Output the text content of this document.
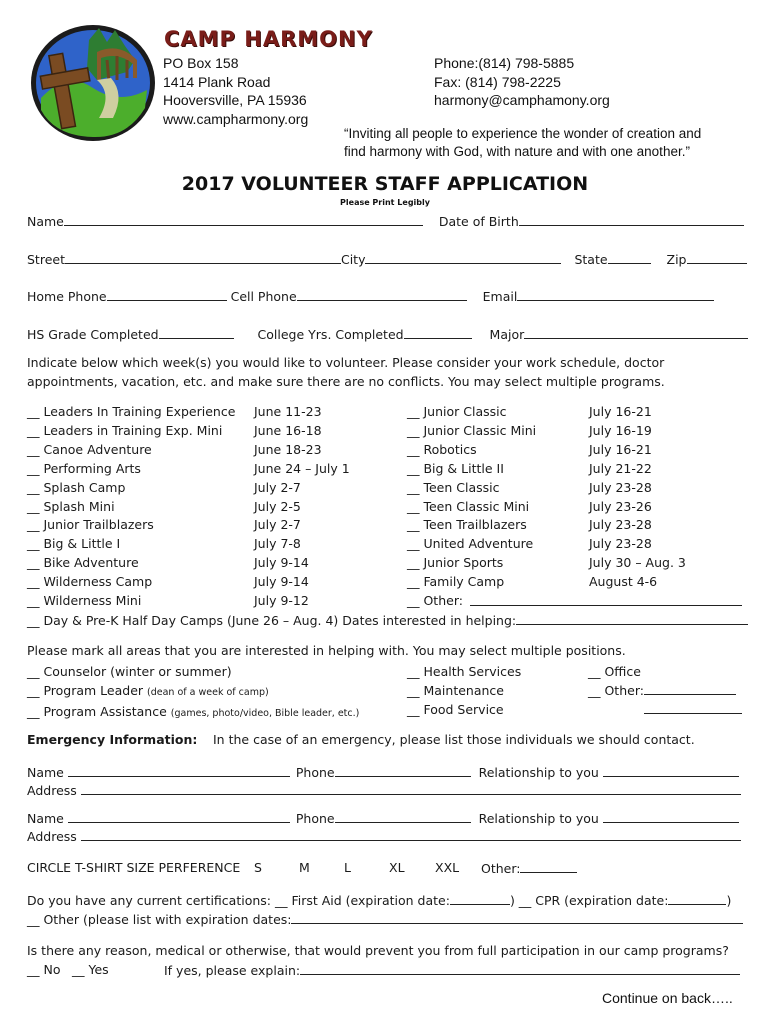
CAMP HARMONY
PO Box 158
1414 Plank Road
Hooversville, PA 15936
www.campharmony.org
Phone:(814) 798-5885
Fax: (814) 798-2225
harmony@camphamony.org
“Inviting all people to experience the wonder of creation and
find harmony with God, with nature and with one another.”
2017 VOLUNTEER STAFF APPLICATION
Please Print Legibly
Name	Date of Birth
Street	City	State	Zip
Home Phone	Cell Phone	Email
HS Grade Completed	College Yrs. Completed	Major
Indicate below which week(s) you would like to volunteer. Please consider your work schedule, doctor
appointments, vacation, etc. and make sure there are no conflicts. You may select multiple programs.
__ Leaders In Training Experience June 11-23
__ Leaders in Training Exp. Mini	June 16-18
__ Canoe Adventure	June 18-23
__ Performing Arts	June 24 – July 1
__ Splash Camp	July 2-7
__ Splash Mini	July 2-5
__ Junior Trailblazers	July 2-7
__ Big & Little I	July 7-8
__ Bike Adventure	July 9-14
__ Wilderness Camp	July 9-14
__ Wilderness Mini	July 9-12
__ Junior Classic	July 16-21
__ Junior Classic Mini	July 16-19
__ Robotics	July 16-21
__ Big & Little II	July 21-22
__ Teen Classic	July 23-28
__ Teen Classic Mini	July 23-26
__ Teen Trailblazers	July 23-28
__ United Adventure	July 23-28
__ Junior Sports	July 30 – Aug. 3
__ Family Camp	August 4-6
__ Other:
__ Day & Pre-K Half Day Camps (June 26 – Aug. 4) Dates interested in helping:
Please mark all areas that you are interested in helping with. You may select multiple positions.
__ Counselor (winter or summer)
__ Program Leader (dean of a week of camp)
__ Program Assistance (games, photo/video, Bible leader, etc.)
__ Health Services
__ Maintenance
__ Food Service
__ Office
__ Other:
Emergency Information: In the case of an emergency, please list those individuals we should contact.
Name	Phone	Relationship to you
Address
Name	Phone	Relationship to you
Address
CIRCLE T-SHIRT SIZE PERFERENCE S	M	L	XL XXL Other:
Do you have any current certifications: __ First Aid (expiration date:	) __ CPR (expiration date:	)
__ Other (please list with expiration dates:
Is there any reason, medical or otherwise, that would prevent you from full participation in our camp programs?
__ No __ Yes	If yes, please explain:
Continue on back…..
